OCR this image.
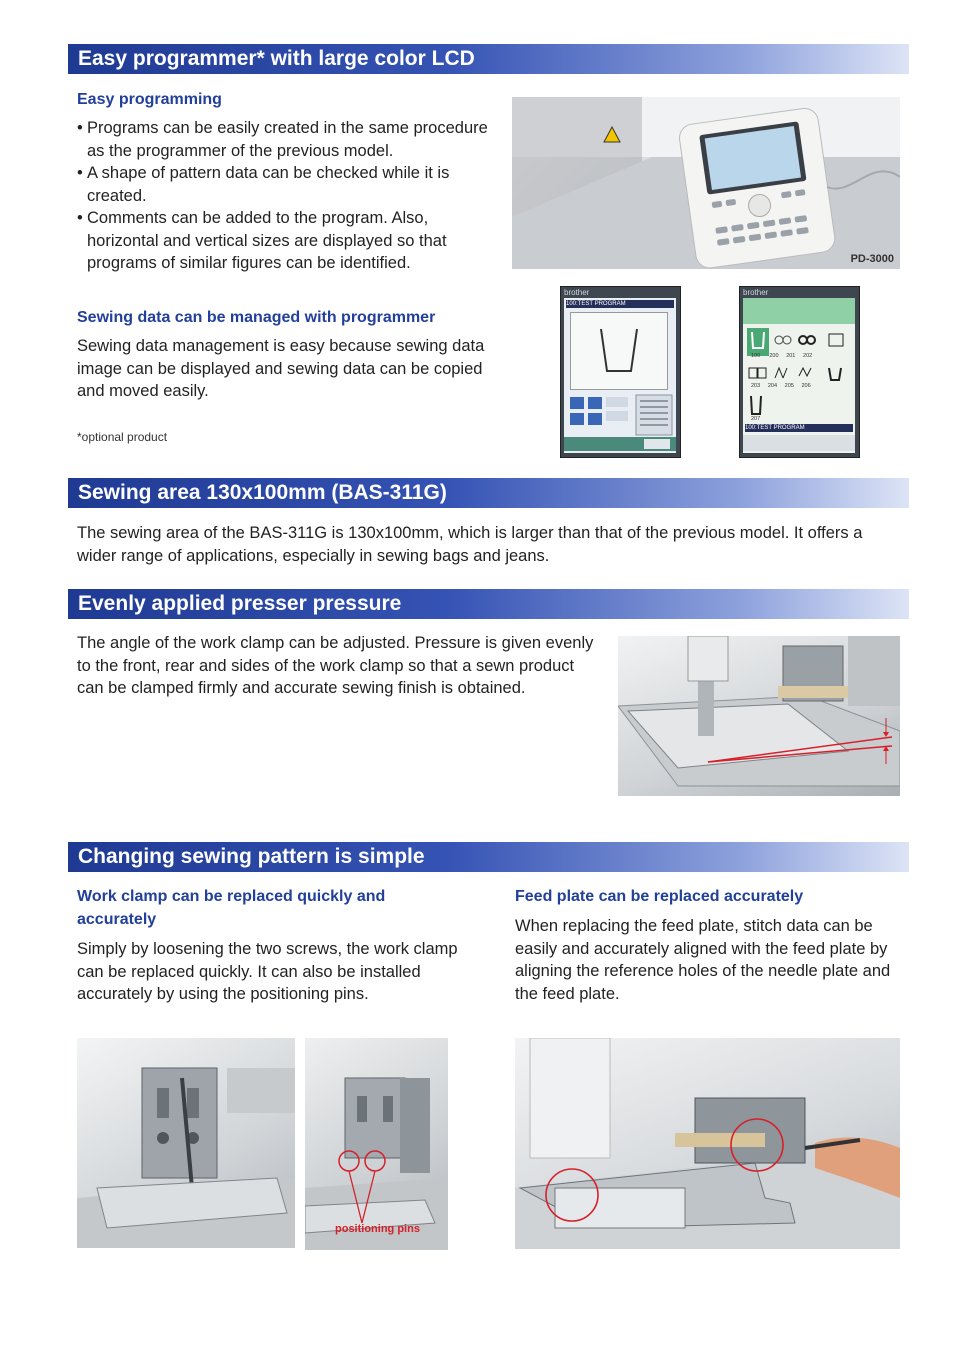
Easy programmer* with large color LCD
Easy programming
• Programs can be easily created in the same procedure as the programmer of the previous model.
• A shape of pattern data can be checked while it is created.
• Comments can be added to the program. Also, horizontal and vertical sizes are displayed so that programs of similar figures can be identified.
Sewing data can be managed with programmer
Sewing data management is easy because sewing data image can be displayed and sewing data can be copied and moved easily.
*optional product
PD-3000
brother
100:TEST PROGRAM
brother
100 200 201 202
203 204 205 206
207
100:TEST PROGRAM
Sewing area 130x100mm (BAS-311G)
The sewing area of the BAS-311G is 130x100mm, which is larger than that of the previous model. It offers a wider range of applications, especially in sewing bags and jeans.
Evenly applied presser pressure
The angle of the work clamp can be adjusted. Pressure is given evenly to the front, rear and sides of the work clamp so that a sewn product can be clamped firmly and accurate sewing finish is obtained.
Changing sewing pattern is simple
Work clamp can be replaced quickly and accurately
Simply by loosening the two screws, the work clamp can be replaced quickly. It can also be installed accurately by using the positioning pins.
Feed plate can be replaced accurately
When replacing the feed plate, stitch data can be easily and accurately aligned with the feed plate by aligning the reference holes of the needle plate and the feed plate.
positioning pins
